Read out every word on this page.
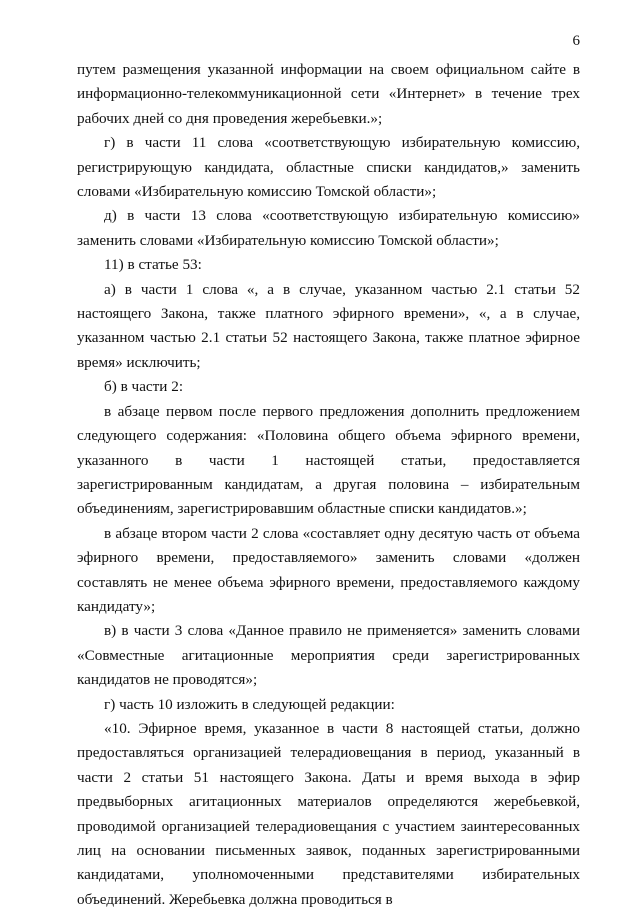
6

путем размещения указанной информации на своем официальном сайте в информационно-телекоммуникационной сети «Интернет» в течение трех рабочих дней со дня проведения жеребьевки.»;

г) в части 11 слова «соответствующую избирательную комиссию, регистрирующую кандидата, областные списки кандидатов,» заменить словами «Избирательную комиссию Томской области»;

д) в части 13 слова «соответствующую избирательную комиссию» заменить словами «Избирательную комиссию Томской области»;

11) в статье 53:

а) в части 1 слова «, а в случае, указанном частью 2.1 статьи 52 настоящего Закона, также платного эфирного времени», «, а в случае, указанном частью 2.1 статьи 52 настоящего Закона, также платное эфирное время» исключить;

б) в части 2:

в абзаце первом после первого предложения дополнить предложением следующего содержания: «Половина общего объема эфирного времени, указанного в части 1 настоящей статьи, предоставляется зарегистрированным кандидатам, а другая половина – избирательным объединениям, зарегистрировавшим областные списки кандидатов.»;

в абзаце втором части 2 слова «составляет одну десятую часть от объема эфирного времени, предоставляемого» заменить словами «должен составлять не менее объема эфирного времени, предоставляемого каждому кандидату»;

в) в части 3 слова «Данное правило не применяется» заменить словами «Совместные агитационные мероприятия среди зарегистрированных кандидатов не проводятся»;

г) часть 10 изложить в следующей редакции:

«10. Эфирное время, указанное в части 8 настоящей статьи, должно предоставляться организацией телерадиовещания в период, указанный в части 2 статьи 51 настоящего Закона. Даты и время выхода в эфир предвыборных агитационных материалов определяются жеребьевкой, проводимой организацией телерадиовещания с участием заинтересованных лиц на основании письменных заявок, поданных зарегистрированными кандидатами, уполномоченными представителями избирательных объединений. Жеребьевка должна проводиться в
